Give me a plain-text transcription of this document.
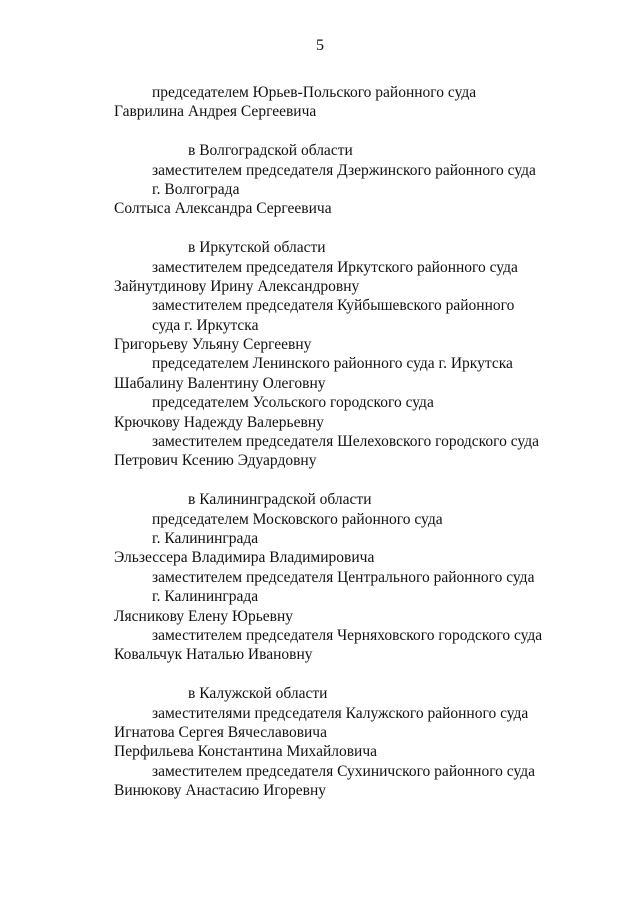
5
председателем Юрьев-Польского районного суда
Гаврилина Андрея Сергеевича
в Волгоградской области
заместителем председателя Дзержинского районного суда
г. Волгограда
Солтыса Александра Сергеевича
в Иркутской области
заместителем председателя Иркутского районного суда
Зайнутдинову Ирину Александровну
заместителем председателя Куйбышевского районного
суда г. Иркутска
Григорьеву Ульяну Сергеевну
председателем Ленинского районного суда г. Иркутска
Шабалину Валентину Олеговну
председателем Усольского городского суда
Крючкову Надежду Валерьевну
заместителем председателя Шелеховского городского суда
Петрович Ксению Эдуардовну
в Калининградской области
председателем Московского районного суда
г. Калининграда
Эльзессера Владимира Владимировича
заместителем председателя Центрального районного суда
г. Калининграда
Лясникову Елену Юрьевну
заместителем председателя Черняховского городского суда
Ковальчук Наталью Ивановну
в Калужской области
заместителями председателя Калужского районного суда
Игнатова Сергея Вячеславовича
Перфильева Константина Михайловича
заместителем председателя Сухиничского районного суда
Винюкову Анастасию Игоревну
